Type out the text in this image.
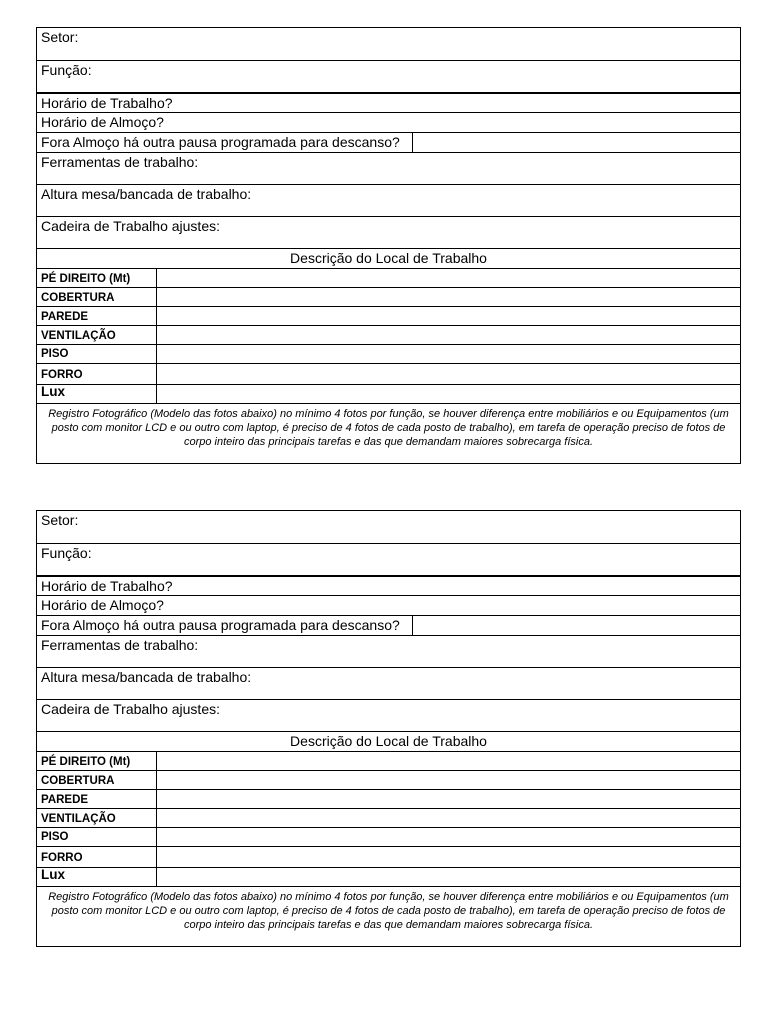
Setor:
Função:
Horário de Trabalho?
Horário de Almoço?
Fora Almoço há outra pausa programada para descanso?
Ferramentas de trabalho:
Altura mesa/bancada de trabalho:
Cadeira de Trabalho ajustes:
Descrição do Local de Trabalho
PÉ DIREITO (Mt)
COBERTURA
PAREDE
VENTILAÇÃO
PISO
FORRO
Lux
Registro Fotográfico (Modelo das fotos abaixo) no mínimo 4 fotos por função, se houver diferença entre mobiliários e ou Equipamentos (um posto com monitor LCD e ou outro com laptop, é preciso de 4 fotos de cada posto de trabalho), em tarefa de operação preciso de fotos de corpo inteiro das principais tarefas e das que demandam maiores sobrecarga física.
Setor:
Função:
Horário de Trabalho?
Horário de Almoço?
Fora Almoço há outra pausa programada para descanso?
Ferramentas de trabalho:
Altura mesa/bancada de trabalho:
Cadeira de Trabalho ajustes:
Descrição do Local de Trabalho
PÉ DIREITO (Mt)
COBERTURA
PAREDE
VENTILAÇÃO
PISO
FORRO
Lux
Registro Fotográfico (Modelo das fotos abaixo) no mínimo 4 fotos por função, se houver diferença entre mobiliários e ou Equipamentos (um posto com monitor LCD e ou outro com laptop, é preciso de 4 fotos de cada posto de trabalho), em tarefa de operação preciso de fotos de corpo inteiro das principais tarefas e das que demandam maiores sobrecarga física.
